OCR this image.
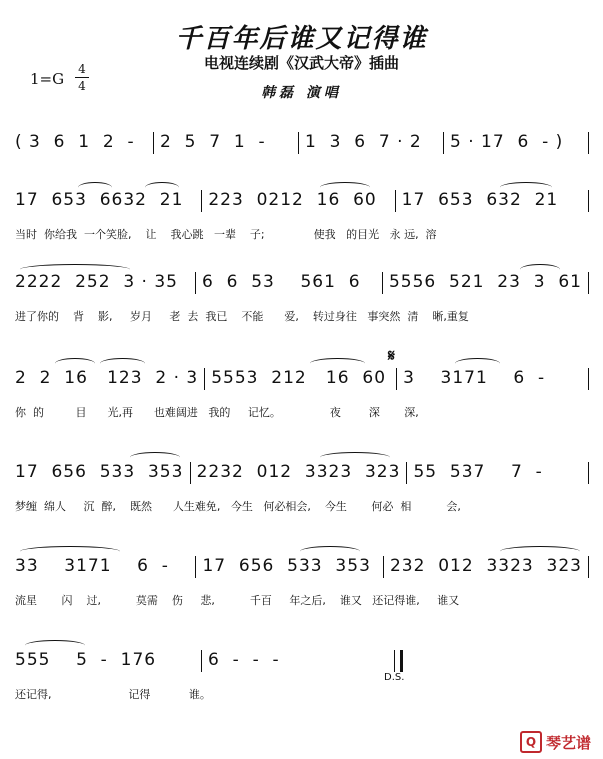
千百年后谁又记得谁
电视连续剧《汉武大帝》插曲
韩磊 演唱
1=G
4
4
( 3  6  1  2  -	2  5  7  1  -	1  3  6  7 · 2	5 · 17  6  - )
17  653  6632  21	223  0212  16  60	17  653  632  21
当时  你给我  一个笑脸,    让    我心跳   一辈    子;              使我   的目光   永 远,  溶
2222  252  3 · 35	6  6  53    561  6	5556  521  23  3  61
进了你的    背    影,     岁月     老  去  我已    不能      爱,    转过身往   事突然  清    晰,重复
2  2  16   123  2 · 3 5553  212   16  60 3    3171    6  -
你  的         目      光,再      也难阔进   我的     记忆。              夜        深       深,
𝄋
17  656  533  353 2232  012  3323  323 55  537    7  -
梦缠  绵人     沉  醉,    既然      人生难免,   今生   何必相会,    今生       何必  相          会,
33    3171    6  -	17  656  533  353	232  012  3323  323
流星       闪    过,          莫需    伤     悲,          千百     年之后,    谁又   还记得谁,     谁又
555    5  -  176	6  -  -  -
还记得,                      记得           谁。
D.S.
Q 琴艺谱
